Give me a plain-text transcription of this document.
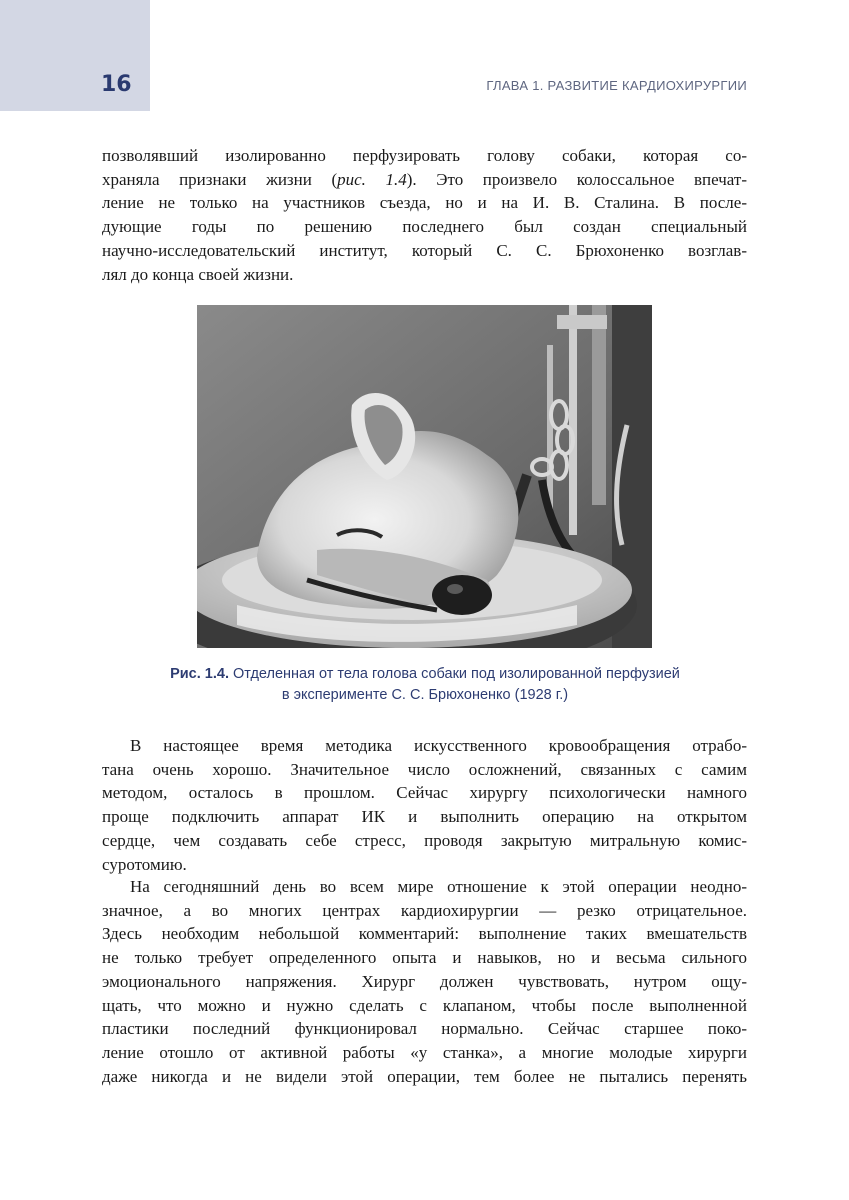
16	ГЛАВА 1. РАЗВИТИЕ КАРДИОХИРУРГИИ

позволявший изолированно перфузировать голову собаки, которая со-
храняла признаки жизни (рис. 1.4). Это произвело колоссальное впечат-
ление не только на участников съезда, но и на И. В. Сталина. В после-
дующие годы по решению последнего был создан специальный
научно-исследовательский институт, который С. С. Брюхоненко возглав-
лял до конца своей жизни.

Рис. 1.4. Отделенная от тела голова собаки под изолированной перфузией
в эксперименте С. С. Брюхоненко (1928 г.)

В настоящее время методика искусственного кровообращения отрабо-
тана очень хорошо. Значительное число осложнений, связанных с самим
методом, осталось в прошлом. Сейчас хирургу психологически намного
проще подключить аппарат ИК и выполнить операцию на открытом
сердце, чем создавать себе стресс, проводя закрытую митральную комис-
суротомию.

На сегодняшний день во всем мире отношение к этой операции неодно-
значное, а во многих центрах кардиохирургии — резко отрицательное.
Здесь необходим небольшой комментарий: выполнение таких вмешательств
не только требует определенного опыта и навыков, но и весьма сильного
эмоционального напряжения. Хирург должен чувствовать, нутром ощу-
щать, что можно и нужно сделать с клапаном, чтобы после выполненной
пластики последний функционировал нормально. Сейчас старшее поко-
ление отошло от активной работы «у станка», а многие молодые хирурги
даже никогда и не видели этой операции, тем более не пытались перенять
